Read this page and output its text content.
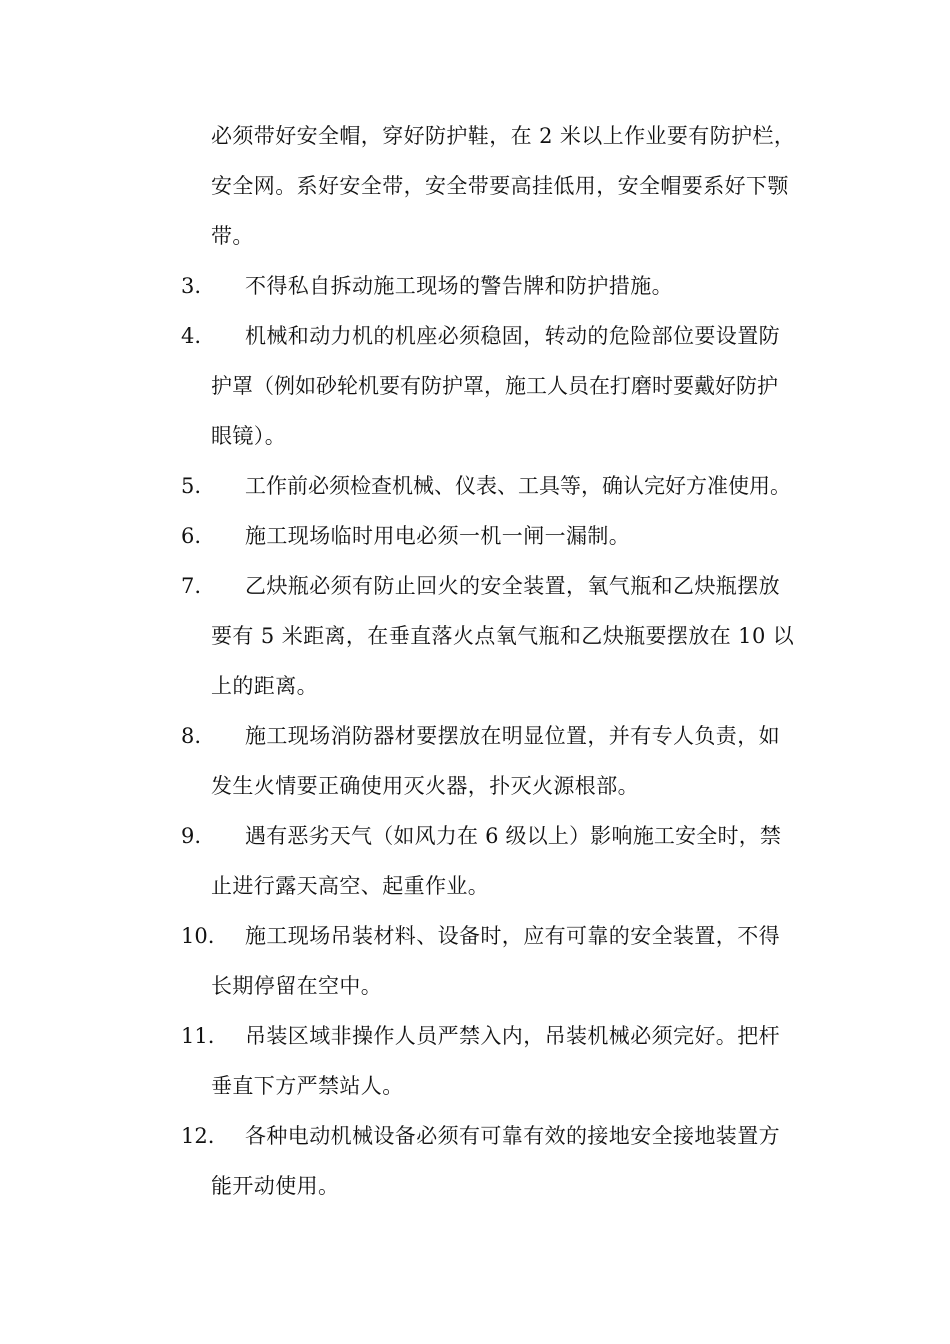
必须带好安全帽，穿好防护鞋，在 2 米以上作业要有防护栏，
安全网。系好安全带，安全带要高挂低用，安全帽要系好下颚
带。
3. 不得私自拆动施工现场的警告牌和防护措施。
4. 机械和动力机的机座必须稳固，转动的危险部位要设置防
护罩（例如砂轮机要有防护罩，施工人员在打磨时要戴好防护
眼镜）。
5. 工作前必须检查机械、仪表、工具等，确认完好方准使用。
6. 施工现场临时用电必须一机一闸一漏制。
7. 乙炔瓶必须有防止回火的安全装置，氧气瓶和乙炔瓶摆放
要有 5 米距离，在垂直落火点氧气瓶和乙炔瓶要摆放在 10 以
上的距离。
8. 施工现场消防器材要摆放在明显位置，并有专人负责，如
发生火情要正确使用灭火器，扑灭火源根部。
9. 遇有恶劣天气（如风力在 6 级以上）影响施工安全时，禁
止进行露天高空、起重作业。
10. 施工现场吊装材料、设备时，应有可靠的安全装置，不得
长期停留在空中。
11. 吊装区域非操作人员严禁入内，吊装机械必须完好。把杆
垂直下方严禁站人。
12. 各种电动机械设备必须有可靠有效的接地安全接地装置方
能开动使用。
